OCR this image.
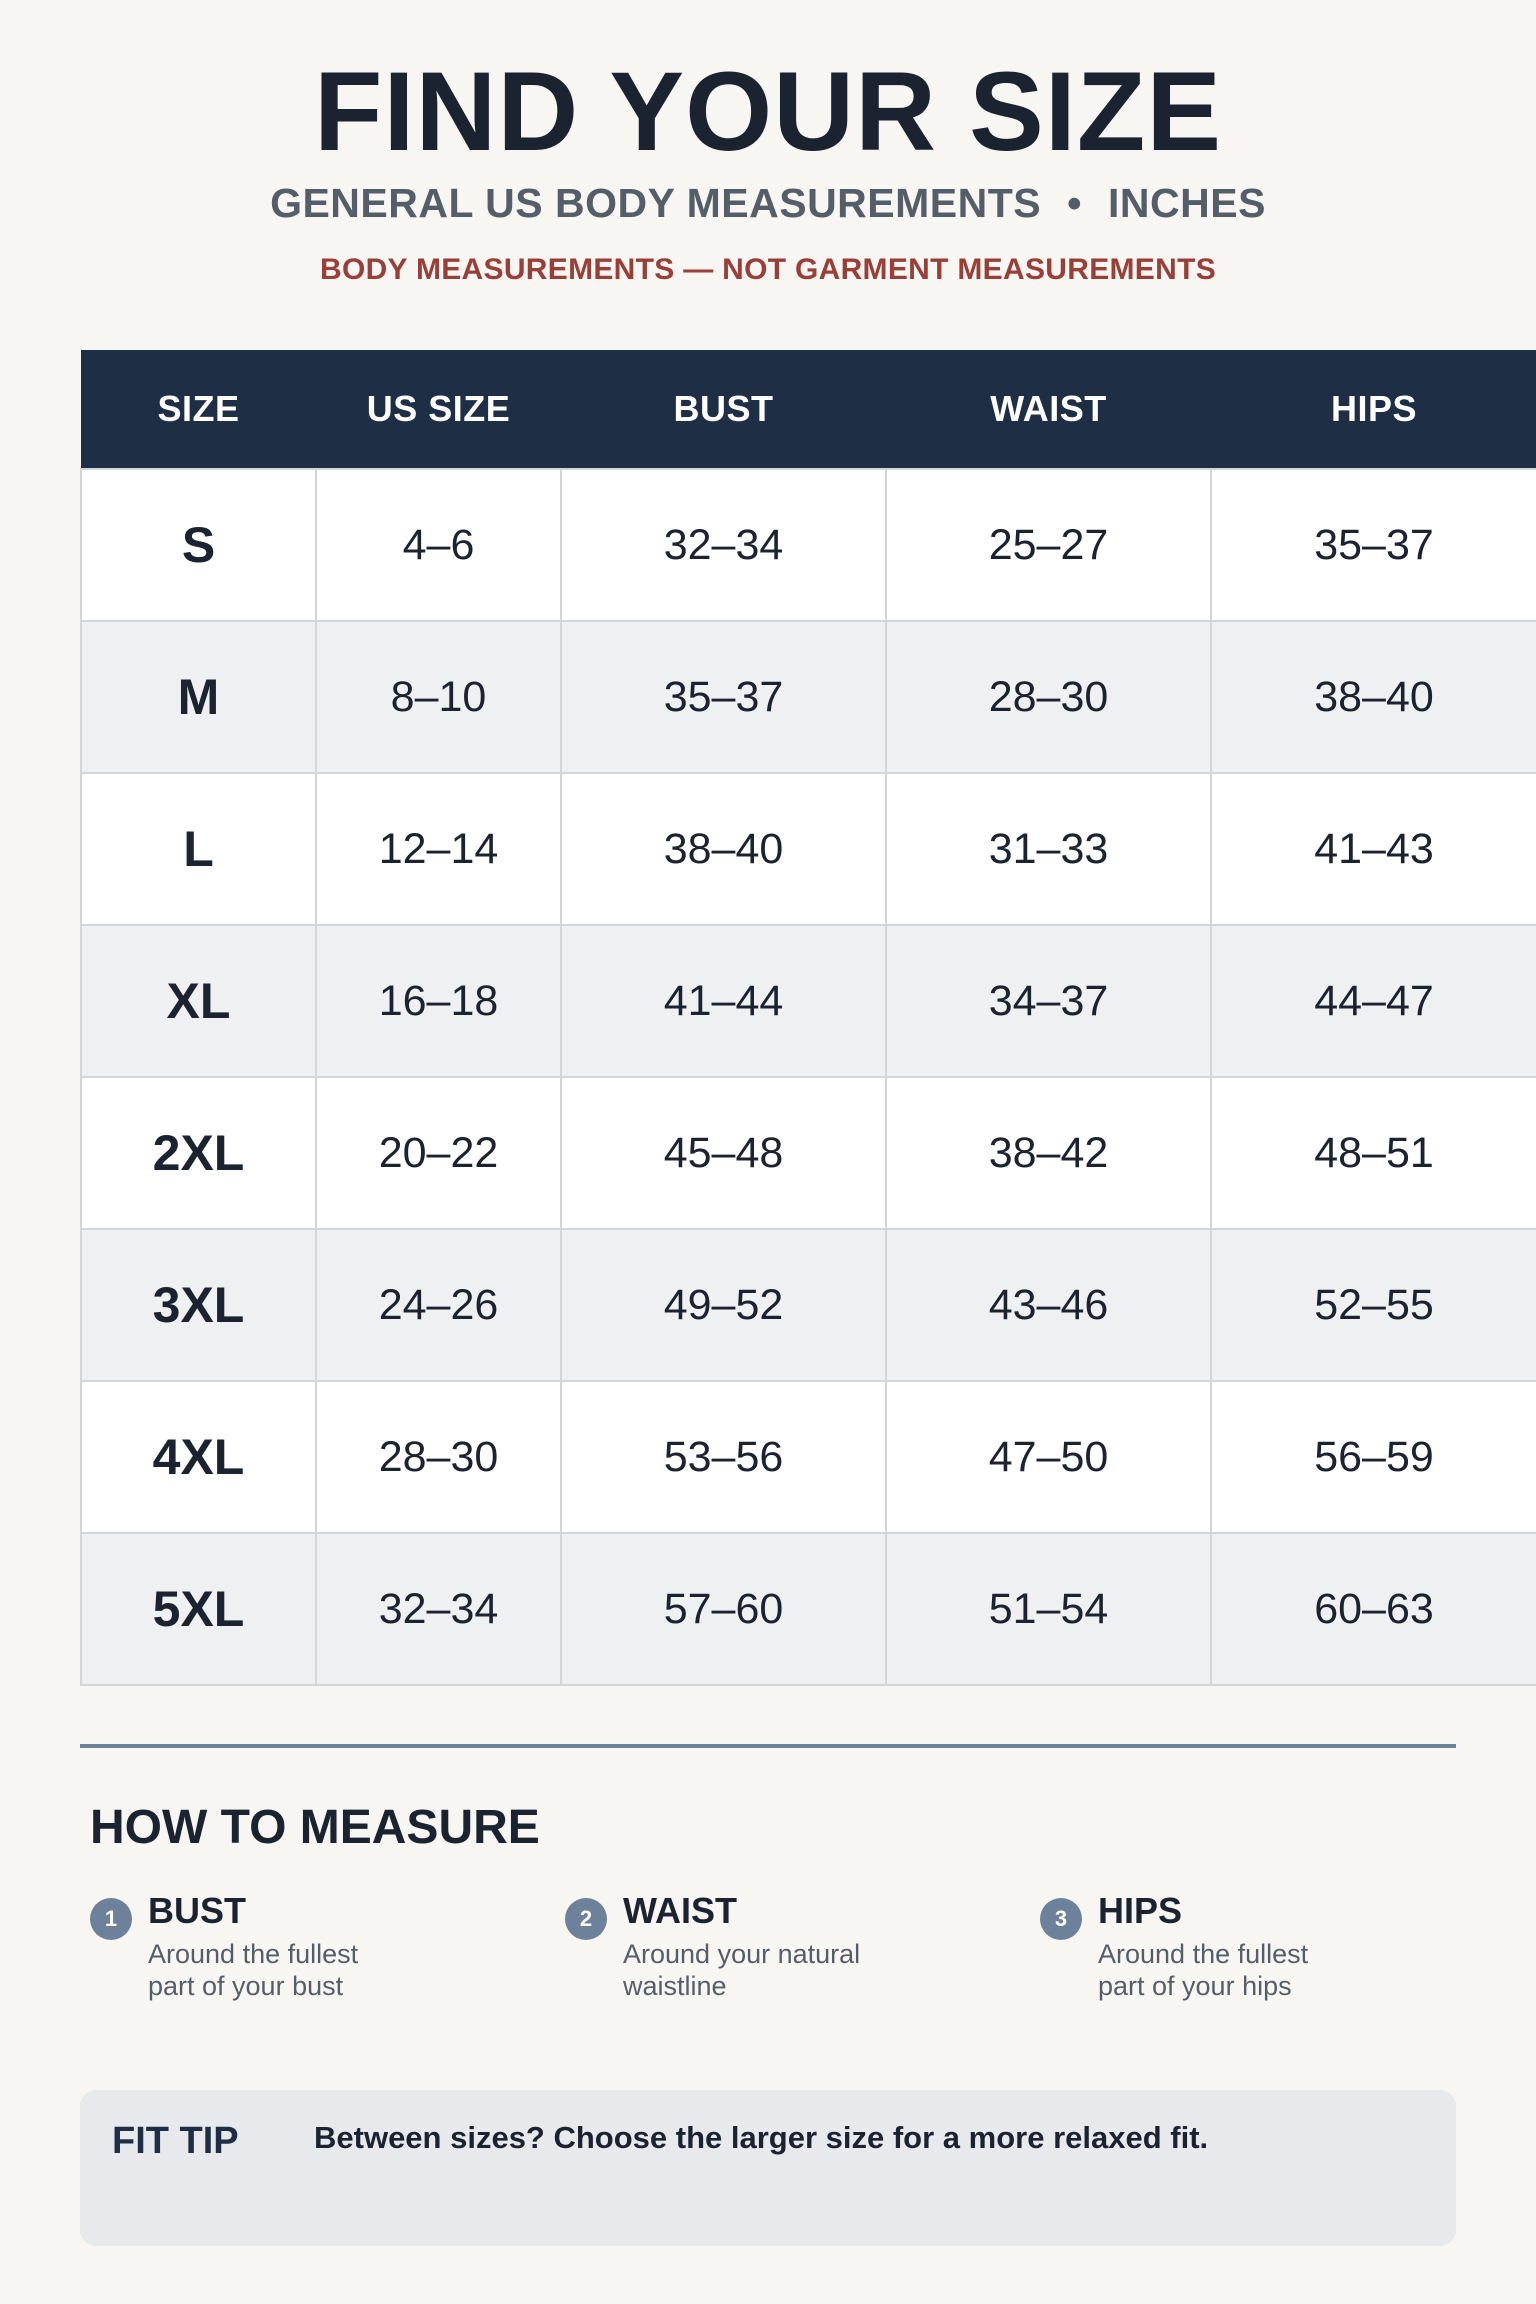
FIND YOUR SIZE
GENERAL US BODY MEASUREMENTS • INCHES
BODY MEASUREMENTS — NOT GARMENT MEASUREMENTS
SIZE	US SIZE	BUST	WAIST	HIPS
S	4–6	32–34	25–27	35–37
M	8–10	35–37	28–30	38–40
L	12–14	38–40	31–33	41–43
XL	16–18	41–44	34–37	44–47
2XL	20–22	45–48	38–42	48–51
3XL	24–26	49–52	43–46	52–55
4XL	28–30	53–56	47–50	56–59
5XL	32–34	57–60	51–54	60–63
HOW TO MEASURE
1 BUST
Around the fullest part of your bust
2 WAIST
Around your natural waistline
3 HIPS
Around the fullest part of your hips
FIT TIP Between sizes? Choose the larger size for a more relaxed fit.
